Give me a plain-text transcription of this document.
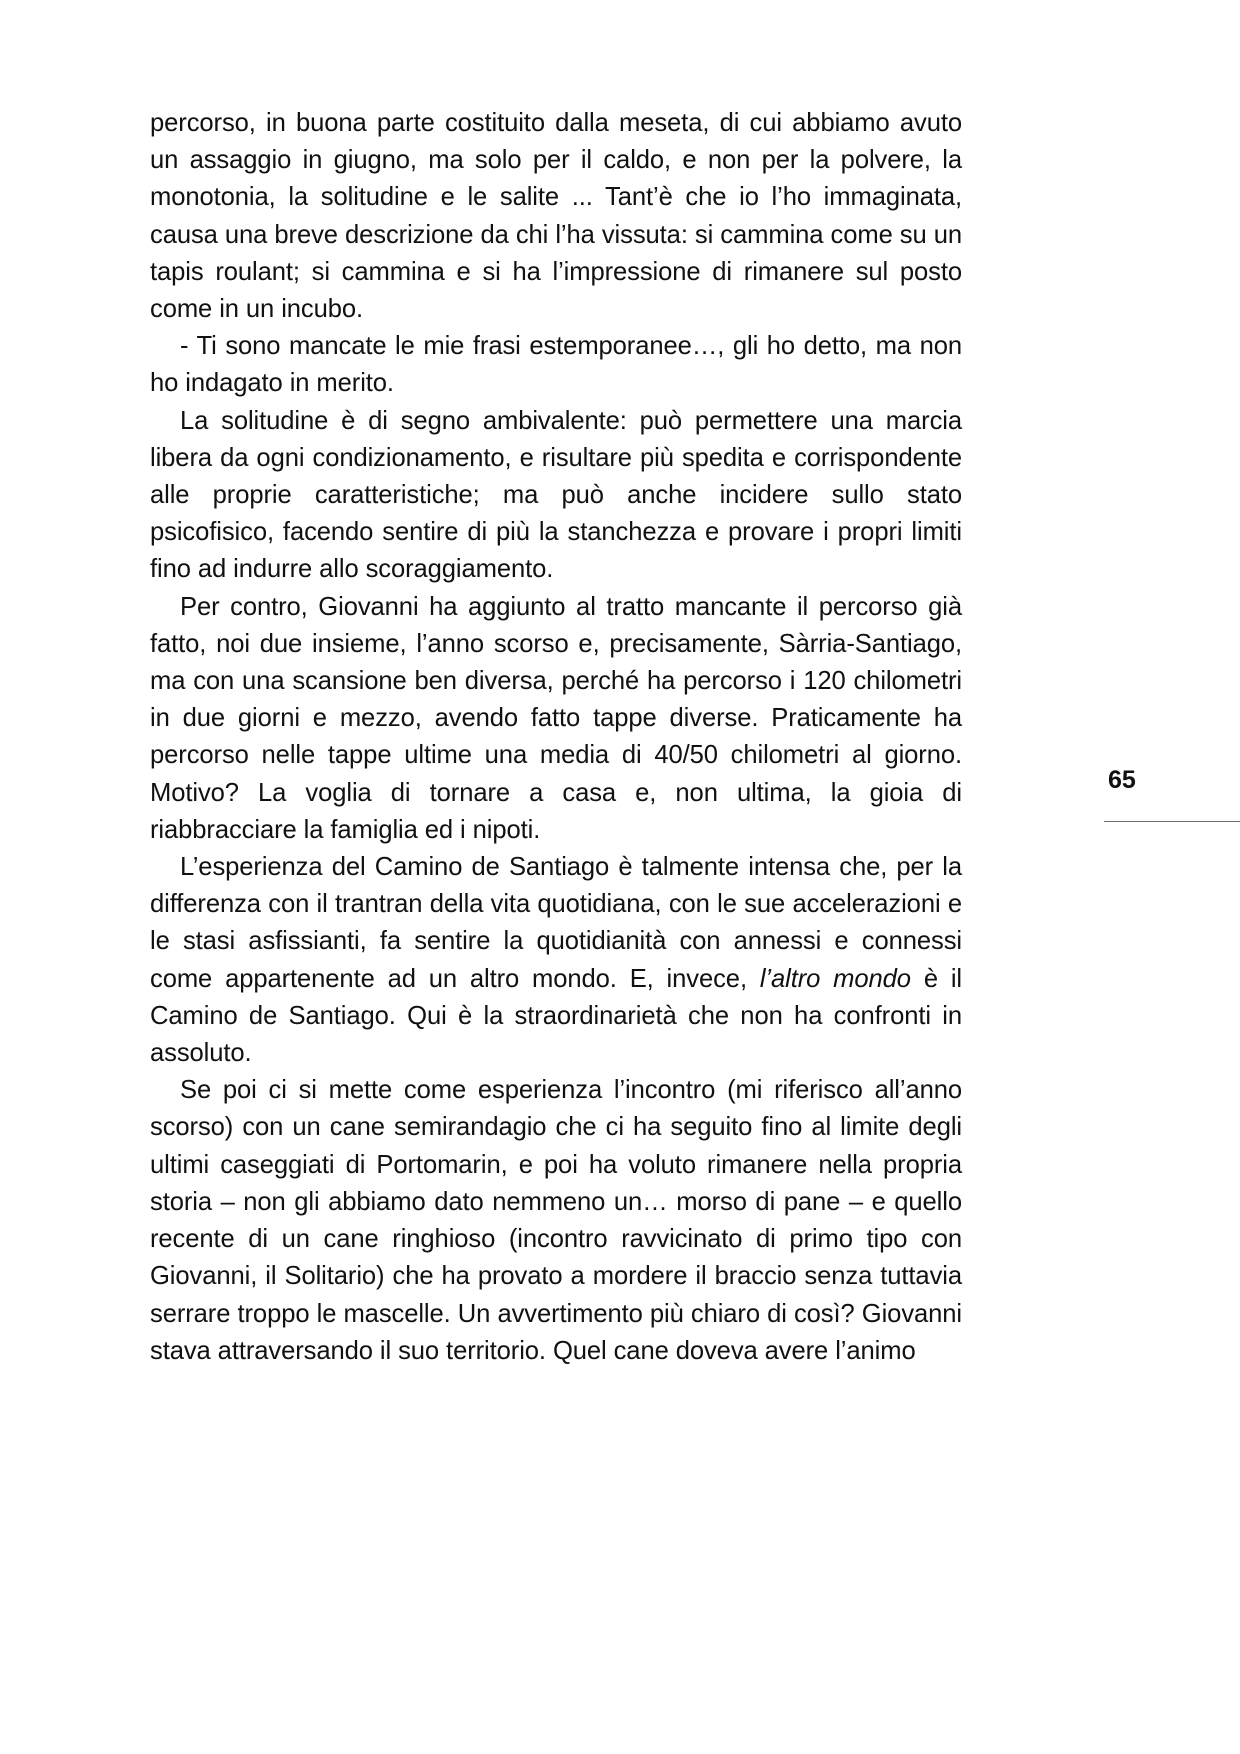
percorso, in buona parte costituito dalla meseta, di cui abbiamo avuto un assaggio in giugno, ma solo per il caldo, e non per la polvere, la monotonia, la solitudine e le salite ... Tant’è che io l’ho immaginata, causa una breve descrizione da chi l’ha vissuta: si cammina come su un tapis roulant; si cammina e si ha l’impressione di rimanere sul posto come in un incubo.

- Ti sono mancate le mie frasi estemporanee…, gli ho detto, ma non ho indagato in merito.

La solitudine è di segno ambivalente: può permettere una marcia libera da ogni condizionamento, e risultare più spedita e corrispondente alle proprie caratteristiche; ma può anche incidere sullo stato psicofisico, facendo sentire di più la stanchezza e provare i propri limiti fino ad indurre allo scoraggiamento.

Per contro, Giovanni ha aggiunto al tratto mancante il percorso già fatto, noi due insieme, l’anno scorso e, precisamente, Sàrria-Santiago, ma con una scansione ben diversa, perché ha percorso i 120 chilometri in due giorni e mezzo, avendo fatto tappe diverse. Praticamente ha percorso nelle tappe ultime una media di 40/50 chilometri al giorno. Motivo? La voglia di tornare a casa e, non ultima, la gioia di riabbracciare la famiglia ed i nipoti.

L’esperienza del Camino de Santiago è talmente intensa che, per la differenza con il trantran della vita quotidiana, con le sue accelerazioni e le stasi asfissianti, fa sentire la quotidianità con annessi e connessi come appartenente ad un altro mondo. E, invece, l’altro mondo è il Camino de Santiago. Qui è la straordinarietà che non ha confronti in assoluto.

Se poi ci si mette come esperienza l’incontro (mi riferisco all’anno scorso) con un cane semirandagio che ci ha seguito fino al limite degli ultimi caseggiati di Portomarin, e poi ha voluto rimanere nella propria storia – non gli abbiamo dato nemmeno un… morso di pane – e quello recente di un cane ringhioso (incontro ravvicinato di primo tipo con Giovanni, il Solitario) che ha provato a mordere il braccio senza tuttavia serrare troppo le mascelle. Un avvertimento più chiaro di così? Giovanni stava attraversando il suo territorio. Quel cane doveva avere l’animo

65
